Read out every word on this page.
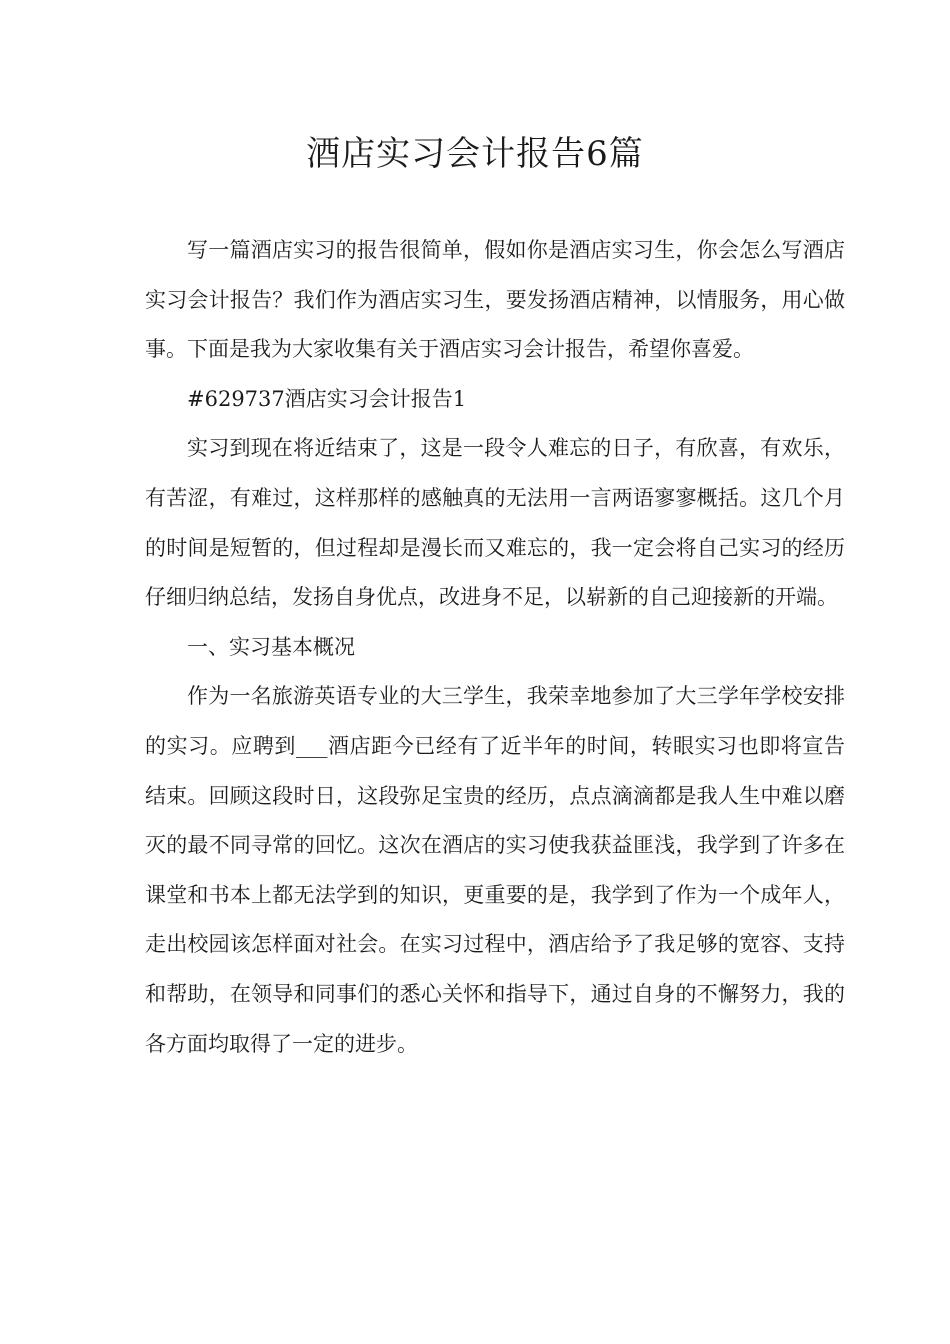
酒店实习会计报告6篇

写一篇酒店实习的报告很简单，假如你是酒店实习生，你会怎么写酒店实习会计报告？我们作为酒店实习生，要发扬酒店精神，以情服务，用心做事。下面是我为大家收集有关于酒店实习会计报告，希望你喜爱。

#629737酒店实习会计报告1

实习到现在将近结束了，这是一段令人难忘的日子，有欣喜，有欢乐，有苦涩，有难过，这样那样的感触真的无法用一言两语寥寥概括。这几个月的时间是短暂的，但过程却是漫长而又难忘的，我一定会将自己实习的经历仔细归纳总结，发扬自身优点，改进身不足，以崭新的自己迎接新的开端。

一、实习基本概况

作为一名旅游英语专业的大三学生，我荣幸地参加了大三学年学校安排的实习。应聘到___酒店距今已经有了近半年的时间，转眼实习也即将宣告结束。回顾这段时日，这段弥足宝贵的经历，点点滴滴都是我人生中难以磨灭的最不同寻常的回忆。这次在酒店的实习使我获益匪浅，我学到了许多在课堂和书本上都无法学到的知识，更重要的是，我学到了作为一个成年人，走出校园该怎样面对社会。在实习过程中，酒店给予了我足够的宽容、支持和帮助，在领导和同事们的悉心关怀和指导下，通过自身的不懈努力，我的各方面均取得了一定的进步。
